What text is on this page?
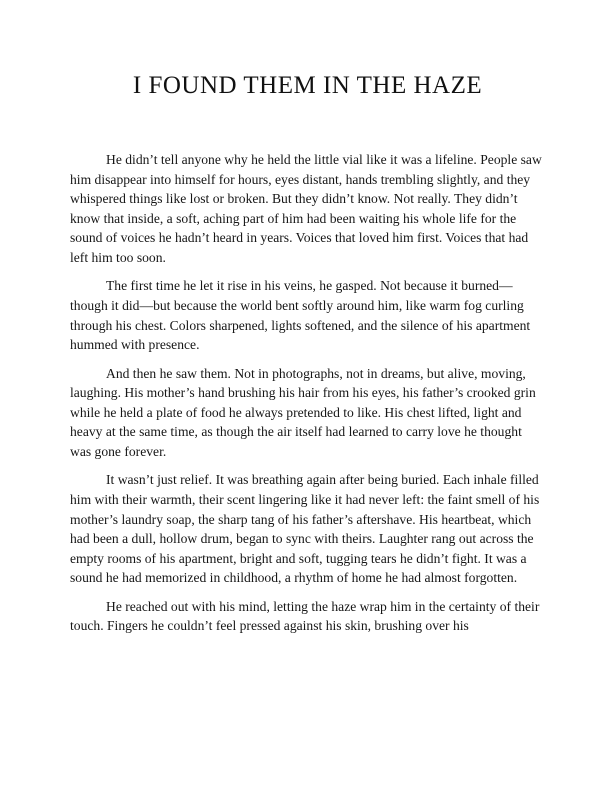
I FOUND THEM IN THE HAZE

He didn’t tell anyone why he held the little vial like it was a lifeline. People saw him disappear into himself for hours, eyes distant, hands trembling slightly, and they whispered things like lost or broken. But they didn’t know. Not really. They didn’t know that inside, a soft, aching part of him had been waiting his whole life for the sound of voices he hadn’t heard in years. Voices that loved him first. Voices that had left him too soon.

The first time he let it rise in his veins, he gasped. Not because it burned—though it did—but because the world bent softly around him, like warm fog curling through his chest. Colors sharpened, lights softened, and the silence of his apartment hummed with presence.

And then he saw them. Not in photographs, not in dreams, but alive, moving, laughing. His mother’s hand brushing his hair from his eyes, his father’s crooked grin while he held a plate of food he always pretended to like. His chest lifted, light and heavy at the same time, as though the air itself had learned to carry love he thought was gone forever.

It wasn’t just relief. It was breathing again after being buried. Each inhale filled him with their warmth, their scent lingering like it had never left: the faint smell of his mother’s laundry soap, the sharp tang of his father’s aftershave. His heartbeat, which had been a dull, hollow drum, began to sync with theirs. Laughter rang out across the empty rooms of his apartment, bright and soft, tugging tears he didn’t fight. It was a sound he had memorized in childhood, a rhythm of home he had almost forgotten.

He reached out with his mind, letting the haze wrap him in the certainty of their touch. Fingers he couldn’t feel pressed against his skin, brushing over his
